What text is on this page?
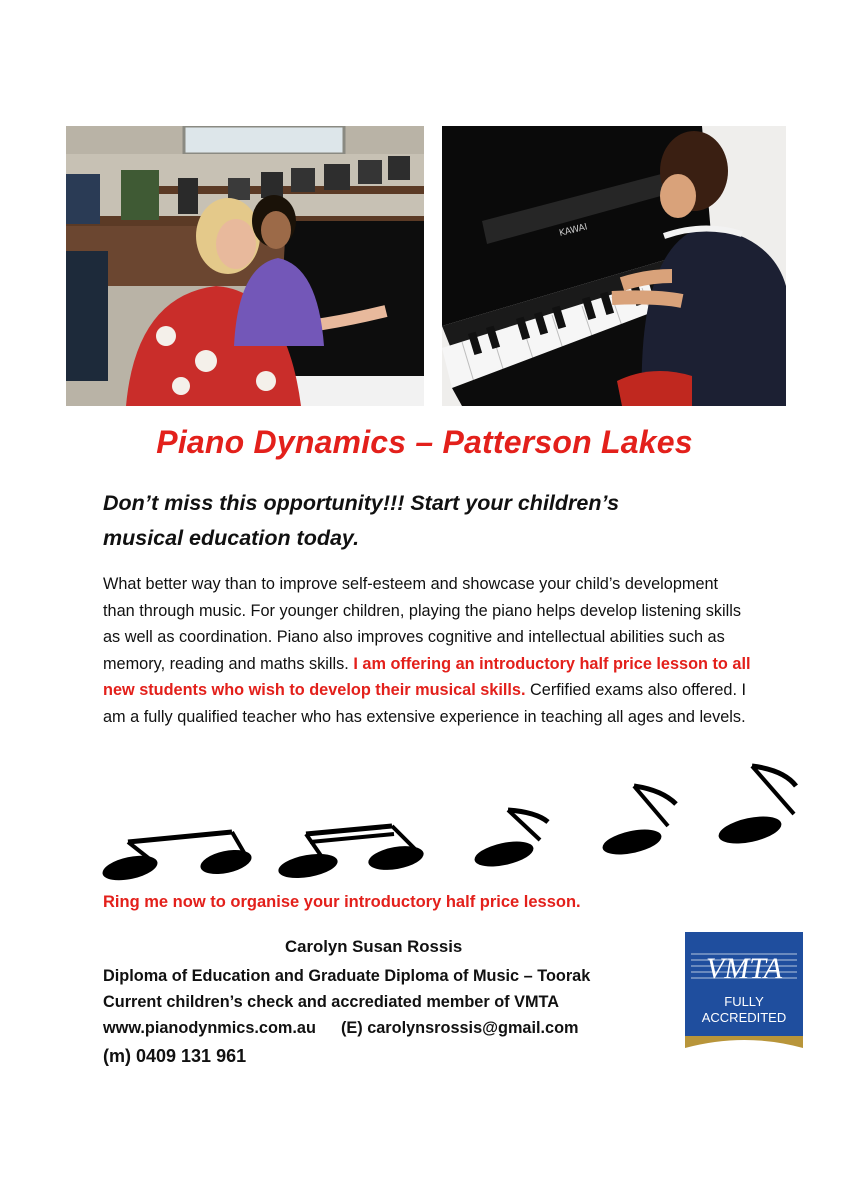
KAWAI
Piano Dynamics – Patterson Lakes
Don’t miss this opportunity!!! Start your children’s
musical education today.
What better way than to improve self-esteem and showcase your child’s development than through music. For younger children, playing the piano helps develop listening skills as well as coordination. Piano also improves cognitive and intellectual abilities such as memory, reading and maths skills. I am offering an introductory half price lesson to all new students who wish to develop their musical skills. Cerfified exams also offered. I am a fully qualified teacher who has extensive experience in teaching all ages and levels.
Ring me now to organise your introductory half price lesson.
Carolyn Susan Rossis
Diploma of Education and Graduate Diploma of Music – Toorak
Current children’s check and accrediated member of VMTA
www.pianodynmics.com.au (E) carolynsrossis@gmail.com
(m) 0409 131 961
VMTA
FULLY
ACCREDITED
